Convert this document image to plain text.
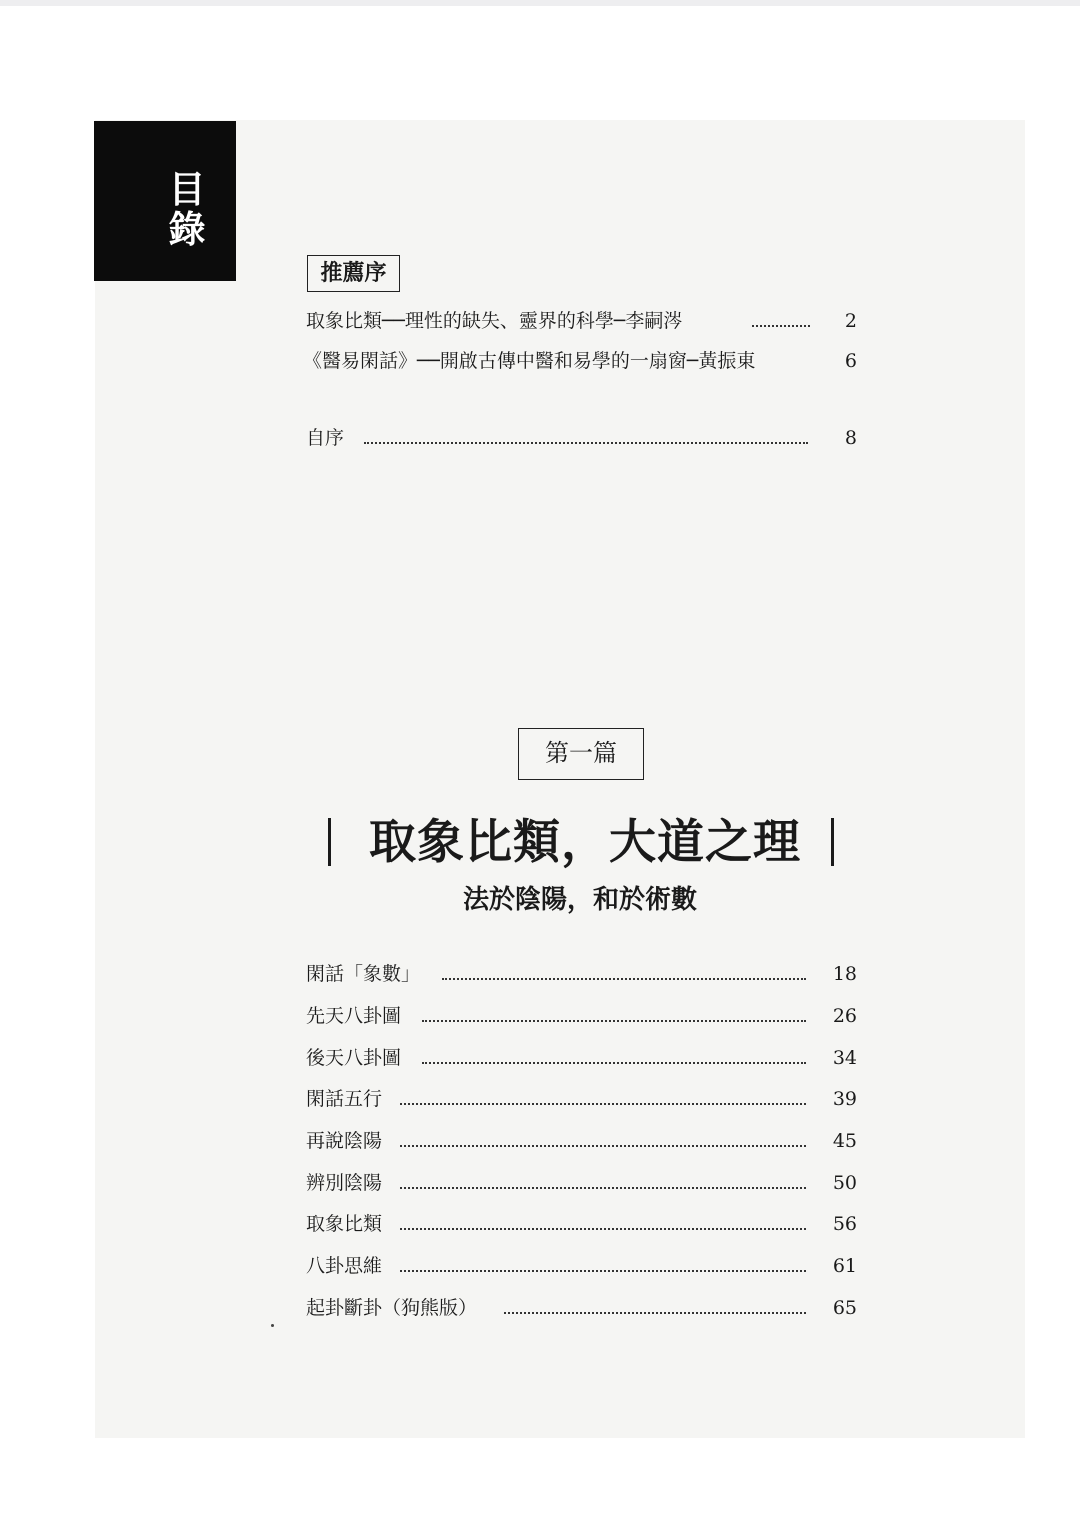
目
錄
推薦序
取象比類──理性的缺失、靈界的科學─李嗣涔	2
《醫易閑話》──開啟古傳中醫和易學的一扇窗─黃振東	6
自序	8
第一篇
取象比類，大道之理
法於陰陽，和於術數
閑話「象數」	18
先天八卦圖	26
後天八卦圖	34
閑話五行	39
再說陰陽	45
辨別陰陽	50
取象比類	56
八卦思維	61
起卦斷卦（狗熊版）	65
